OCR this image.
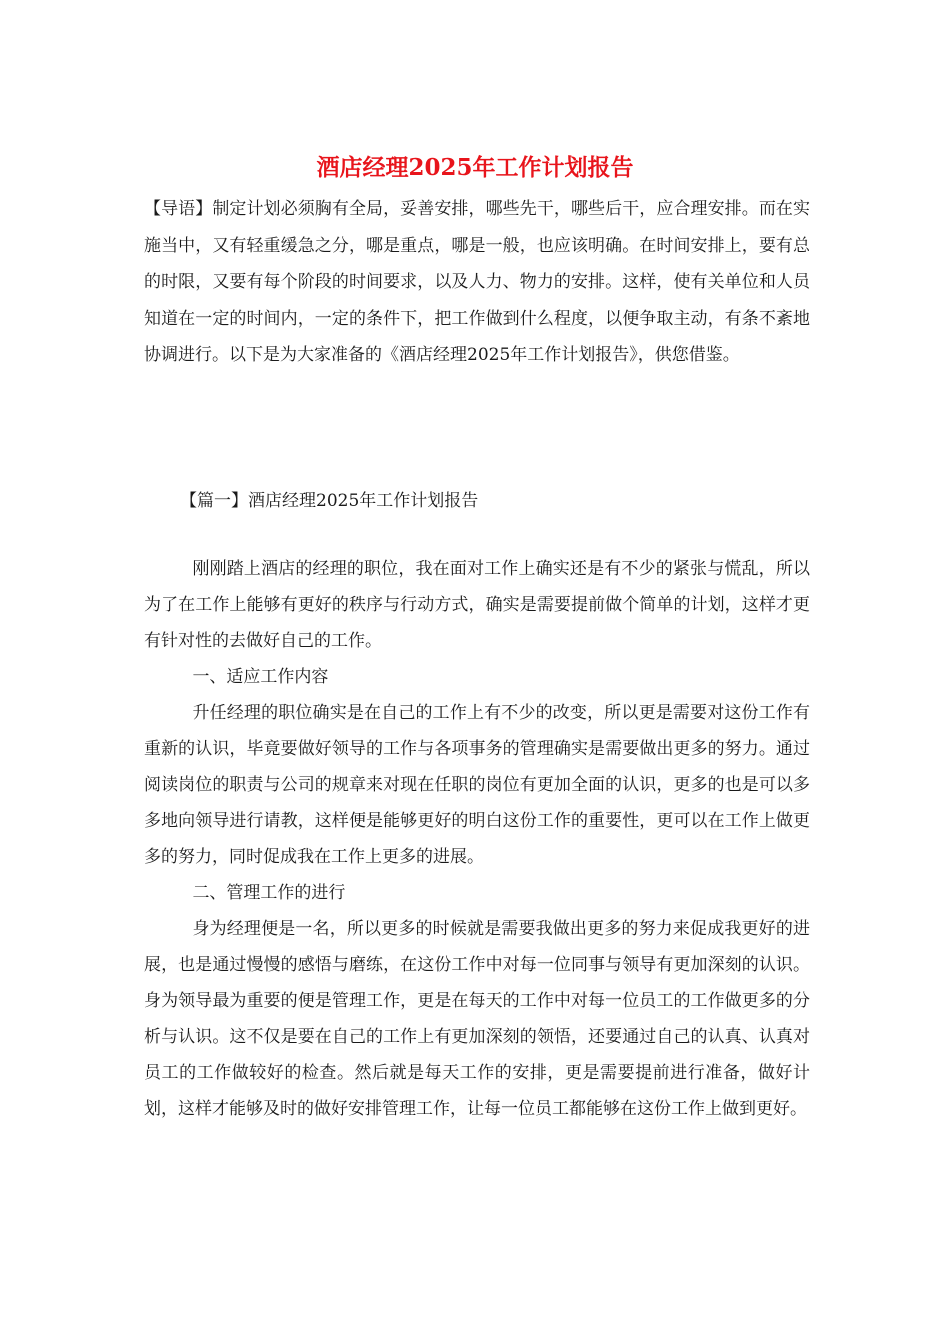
酒店经理2025年工作计划报告

【导语】制定计划必须胸有全局，妥善安排，哪些先干，哪些后干，应合理安排。而在实施当中，又有轻重缓急之分，哪是重点，哪是一般，也应该明确。在时间安排上，要有总的时限，又要有每个阶段的时间要求，以及人力、物力的安排。这样，使有关单位和人员知道在一定的时间内，一定的条件下，把工作做到什么程度，以便争取主动，有条不紊地协调进行。以下是为大家准备的《酒店经理2025年工作计划报告》，供您借鉴。

【篇一】酒店经理2025年工作计划报告

刚刚踏上酒店的经理的职位，我在面对工作上确实还是有不少的紧张与慌乱，所以为了在工作上能够有更好的秩序与行动方式，确实是需要提前做个简单的计划，这样才更有针对性的去做好自己的工作。

一、适应工作内容

升任经理的职位确实是在自己的工作上有不少的改变，所以更是需要对这份工作有重新的认识，毕竟要做好领导的工作与各项事务的管理确实是需要做出更多的努力。通过阅读岗位的职责与公司的规章来对现在任职的岗位有更加全面的认识，更多的也是可以多多地向领导进行请教，这样便是能够更好的明白这份工作的重要性，更可以在工作上做更多的努力，同时促成我在工作上更多的进展。

二、管理工作的进行

身为经理便是一名，所以更多的时候就是需要我做出更多的努力来促成我更好的进展，也是通过慢慢的感悟与磨练，在这份工作中对每一位同事与领导有更加深刻的认识。身为领导最为重要的便是管理工作，更是在每天的工作中对每一位员工的工作做更多的分析与认识。这不仅是要在自己的工作上有更加深刻的领悟，还要通过自己的认真、认真对员工的工作做较好的检查。然后就是每天工作的安排，更是需要提前进行准备，做好计划，这样才能够及时的做好安排管理工作，让每一位员工都能够在这份工作上做到更好。
